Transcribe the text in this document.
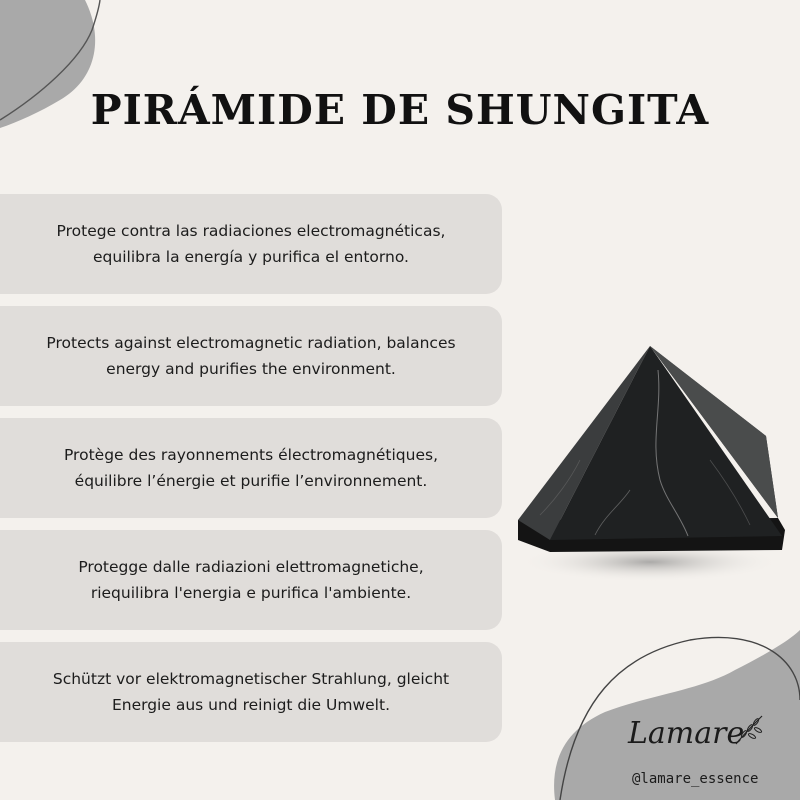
PIRÁMIDE DE SHUNGITA
Protege contra las radiaciones electromagnéticas,
equilibra la energía y purifica el entorno.
Protects against electromagnetic radiation, balances
energy and purifies the environment.
Protège des rayonnements électromagnétiques,
équilibre l’énergie et purifie l’environnement.
Protegge dalle radiazioni elettromagnetiche,
riequilibra l'energia e purifica l'ambiente.
Schützt vor elektromagnetischer Strahlung, gleicht
Energie aus und reinigt die Umwelt.
Lamare
@lamare_essence
